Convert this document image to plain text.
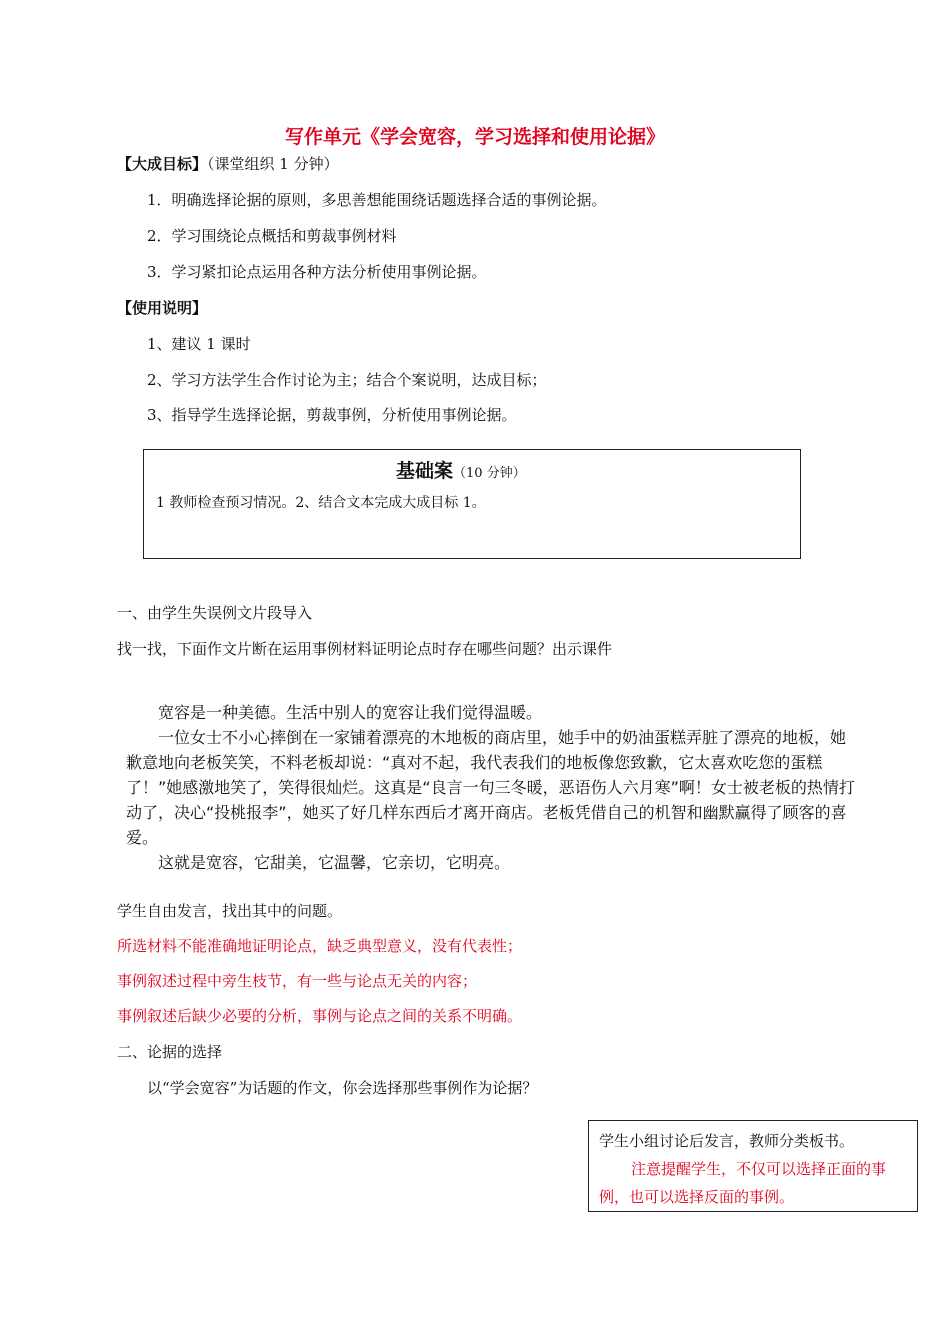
写作单元《学会宽容，学习选择和使用论据》
【大成目标】（课堂组织 1 分钟）
1．明确选择论据的原则，多思善想能围绕话题选择合适的事例论据。
2．学习围绕论点概括和剪裁事例材料
3．学习紧扣论点运用各种方法分析使用事例论据。
【使用说明】
1、建议 1 课时
2、学习方法学生合作讨论为主；结合个案说明，达成目标；
3、指导学生选择论据，剪裁事例，分析使用事例论据。
基础案（10 分钟）
1 教师检查预习情况。2、结合文本完成大成目标 1。
一、由学生失误例文片段导入
找一找，下面作文片断在运用事例材料证明论点时存在哪些问题？出示课件

　　宽容是一种美德。生活中别人的宽容让我们觉得温暖。

　　一位女士不小心摔倒在一家铺着漂亮的木地板的商店里，她手中的奶油蛋糕弄脏了漂亮的地板，她歉意地向老板笑笑，不料老板却说：“真对不起，我代表我们的地板像您致歉，它太喜欢吃您的蛋糕了！”她感激地笑了，笑得很灿烂。这真是“良言一句三冬暖，恶语伤人六月寒”啊！女士被老板的热情打动了，决心“投桃报李”，她买了好几样东西后才离开商店。老板凭借自己的机智和幽默赢得了顾客的喜爱。

　　这就是宽容，它甜美，它温馨，它亲切，它明亮。

学生自由发言，找出其中的问题。
所选材料不能准确地证明论点，缺乏典型意义，没有代表性；
事例叙述过程中旁生枝节，有一些与论点无关的内容；
事例叙述后缺少必要的分析，事例与论点之间的关系不明确。
二、论据的选择
以“学会宽容”为话题的作文，你会选择那些事例作为论据？
学生小组讨论后发言，教师分类板书。
注意提醒学生，不仅可以选择正面的事例，也可以选择反面的事例。
